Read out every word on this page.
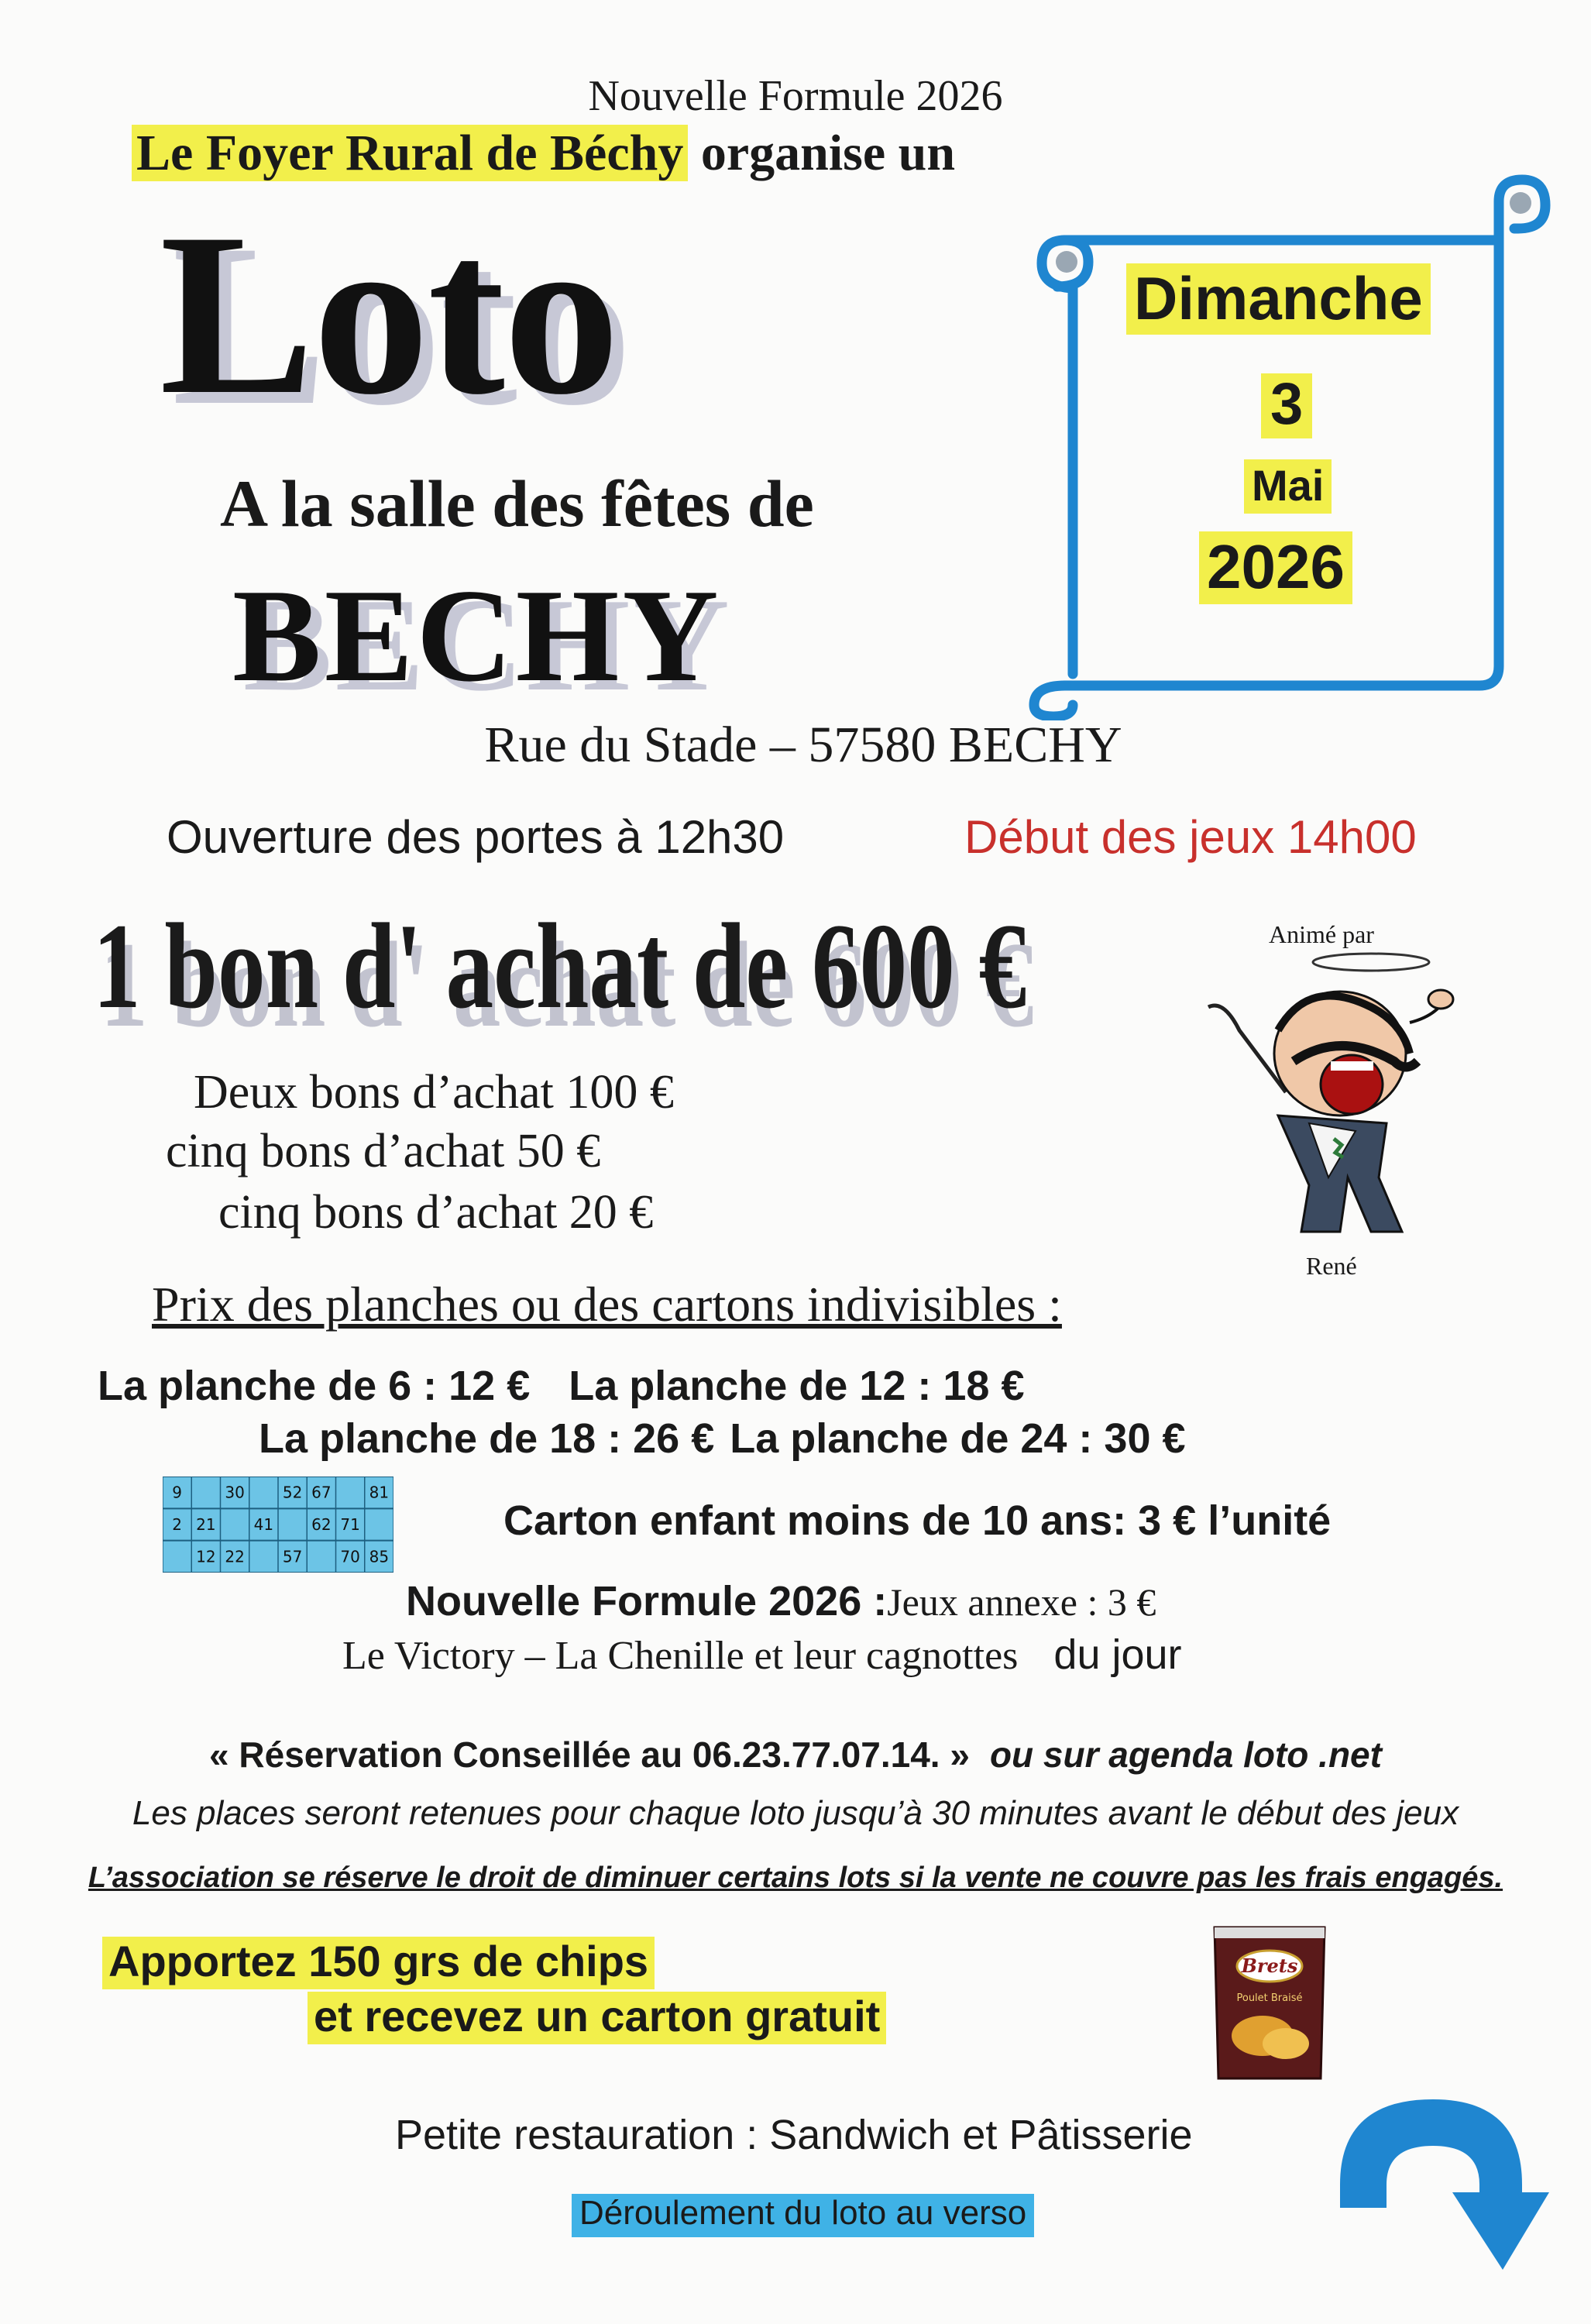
Nouvelle Formule 2026
Le Foyer Rural de Béchy organise un
Loto
A la salle des fêtes de
BECHY
Rue du Stade – 57580 BECHY
Ouverture des portes à 12h30	Début des jeux 14h00
Dimanche
3
Mai
2026
1 bon d' achat de 600 €
Deux bons d’achat 100 €
cinq bons d’achat 50 €
cinq bons d’achat 20 €
Animé par
René
Prix des planches ou des cartons indivisibles :
La planche de 6 : 12 € La planche de 12 : 18 €
La planche de 18 : 26 € La planche de 24 : 30 €
9	30 52 67 81
2 21 41 62 71
12 22 57 70 85
Carton enfant moins de 10 ans: 3 € l’unité
Nouvelle Formule 2026 :Jeux annexe : 3 €
Le Victory – La Chenille et leur cagnottes du jour
« Réservation Conseillée au 06.23.77.07.14. » ou sur agenda loto .net
Les places seront retenues pour chaque loto jusqu’à 30 minutes avant le début des jeux
L’association se réserve le droit de diminuer certains lots si la vente ne couvre pas les frais engagés.
Apportez 150 grs de chips
et recevez un carton gratuit
Brets
Poulet Braisé
Petite restauration : Sandwich et Pâtisserie
Déroulement du loto au verso
